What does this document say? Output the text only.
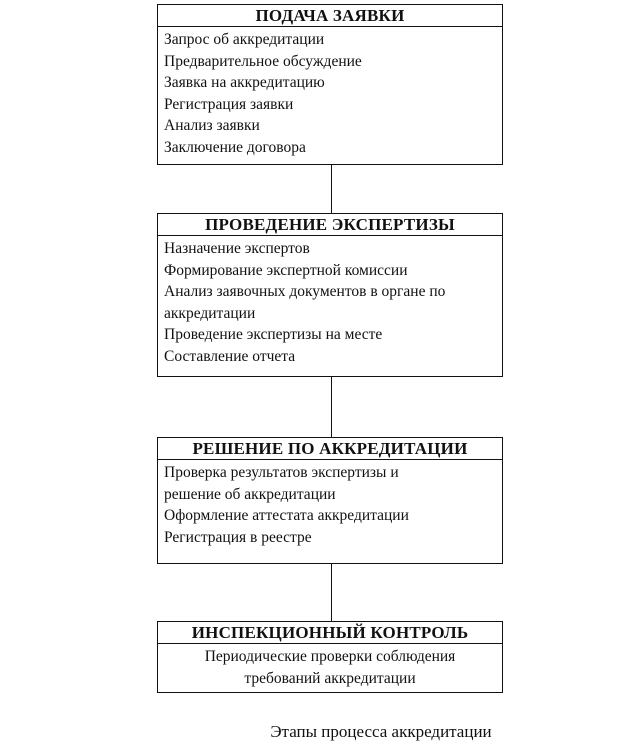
ПОДАЧА ЗАЯВКИ
Запрос об аккредитации
Предварительное обсуждение
Заявка на аккредитацию
Регистрация заявки
Анализ заявки
Заключение договора
ПРОВЕДЕНИЕ ЭКСПЕРТИЗЫ
Назначение экспертов
Формирование экспертной комиссии
Анализ заявочных документов в органе по аккредитации
Проведение экспертизы на месте
Составление отчета
РЕШЕНИЕ ПО АККРЕДИТАЦИИ
Проверка результатов экспертизы и решение об аккредитации
Оформление аттестата аккредитации
Регистрация в реестре
ИНСПЕКЦИОННЫЙ КОНТРОЛЬ
Периодические проверки соблюдения требований аккредитации
Этапы процесса аккредитации
